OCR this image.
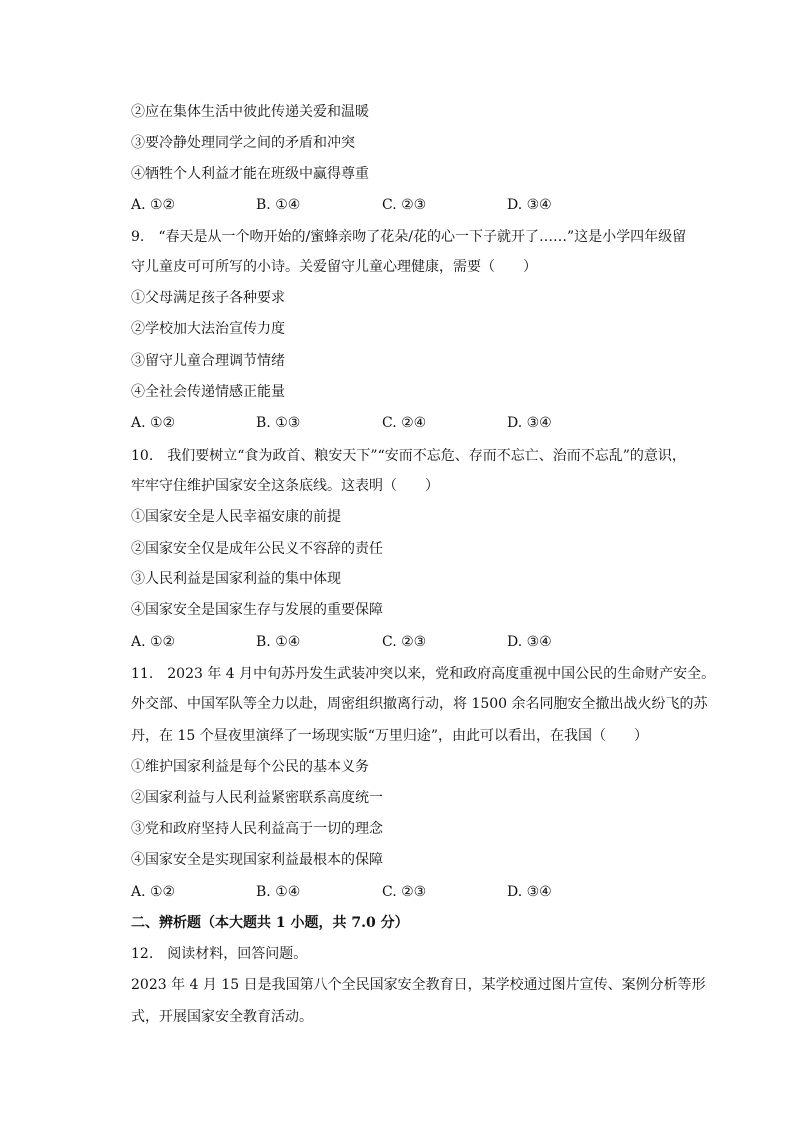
②应在集体生活中彼此传递关爱和温暖
③要冷静处理同学之间的矛盾和冲突
④牺牲个人利益才能在班级中赢得尊重
A. ①②	B. ①④	C. ②③	D. ③④
9.　“春天是从一个吻开始的/蜜蜂亲吻了花朵/花的心一下子就开了……”这是小学四年级留
守儿童皮可可所写的小诗。关爱留守儿童心理健康，需要（　　）
①父母满足孩子各种要求
②学校加大法治宣传力度
③留守儿童合理调节情绪
④全社会传递情感正能量
A. ①②	B. ①③	C. ②④	D. ③④
10.　我们要树立“食为政首、粮安天下”“安而不忘危、存而不忘亡、治而不忘乱”的意识，
牢牢守住维护国家安全这条底线。这表明（　　）
①国家安全是人民幸福安康的前提
②国家安全仅是成年公民义不容辞的责任
③人民利益是国家利益的集中体现
④国家安全是国家生存与发展的重要保障
A. ①②	B. ①④	C. ②③	D. ③④
11.　2023 年 4 月中旬苏丹发生武装冲突以来，党和政府高度重视中国公民的生命财产安全。
外交部、中国军队等全力以赴，周密组织撤离行动，将 1500 余名同胞安全撤出战火纷飞的苏
丹，在 15 个昼夜里演绎了一场现实版“万里归途”，由此可以看出，在我国（　　）
①维护国家利益是每个公民的基本义务
②国家利益与人民利益紧密联系高度统一
③党和政府坚持人民利益高于一切的理念
④国家安全是实现国家利益最根本的保障
A. ①②	B. ①④	C. ②③	D. ③④
二、辨析题（本大题共 1 小题，共 7.0 分）
12.　阅读材料，回答问题。
2023 年 4 月 15 日是我国第八个全民国家安全教育日，某学校通过图片宣传、案例分析等形
式，开展国家安全教育活动。
